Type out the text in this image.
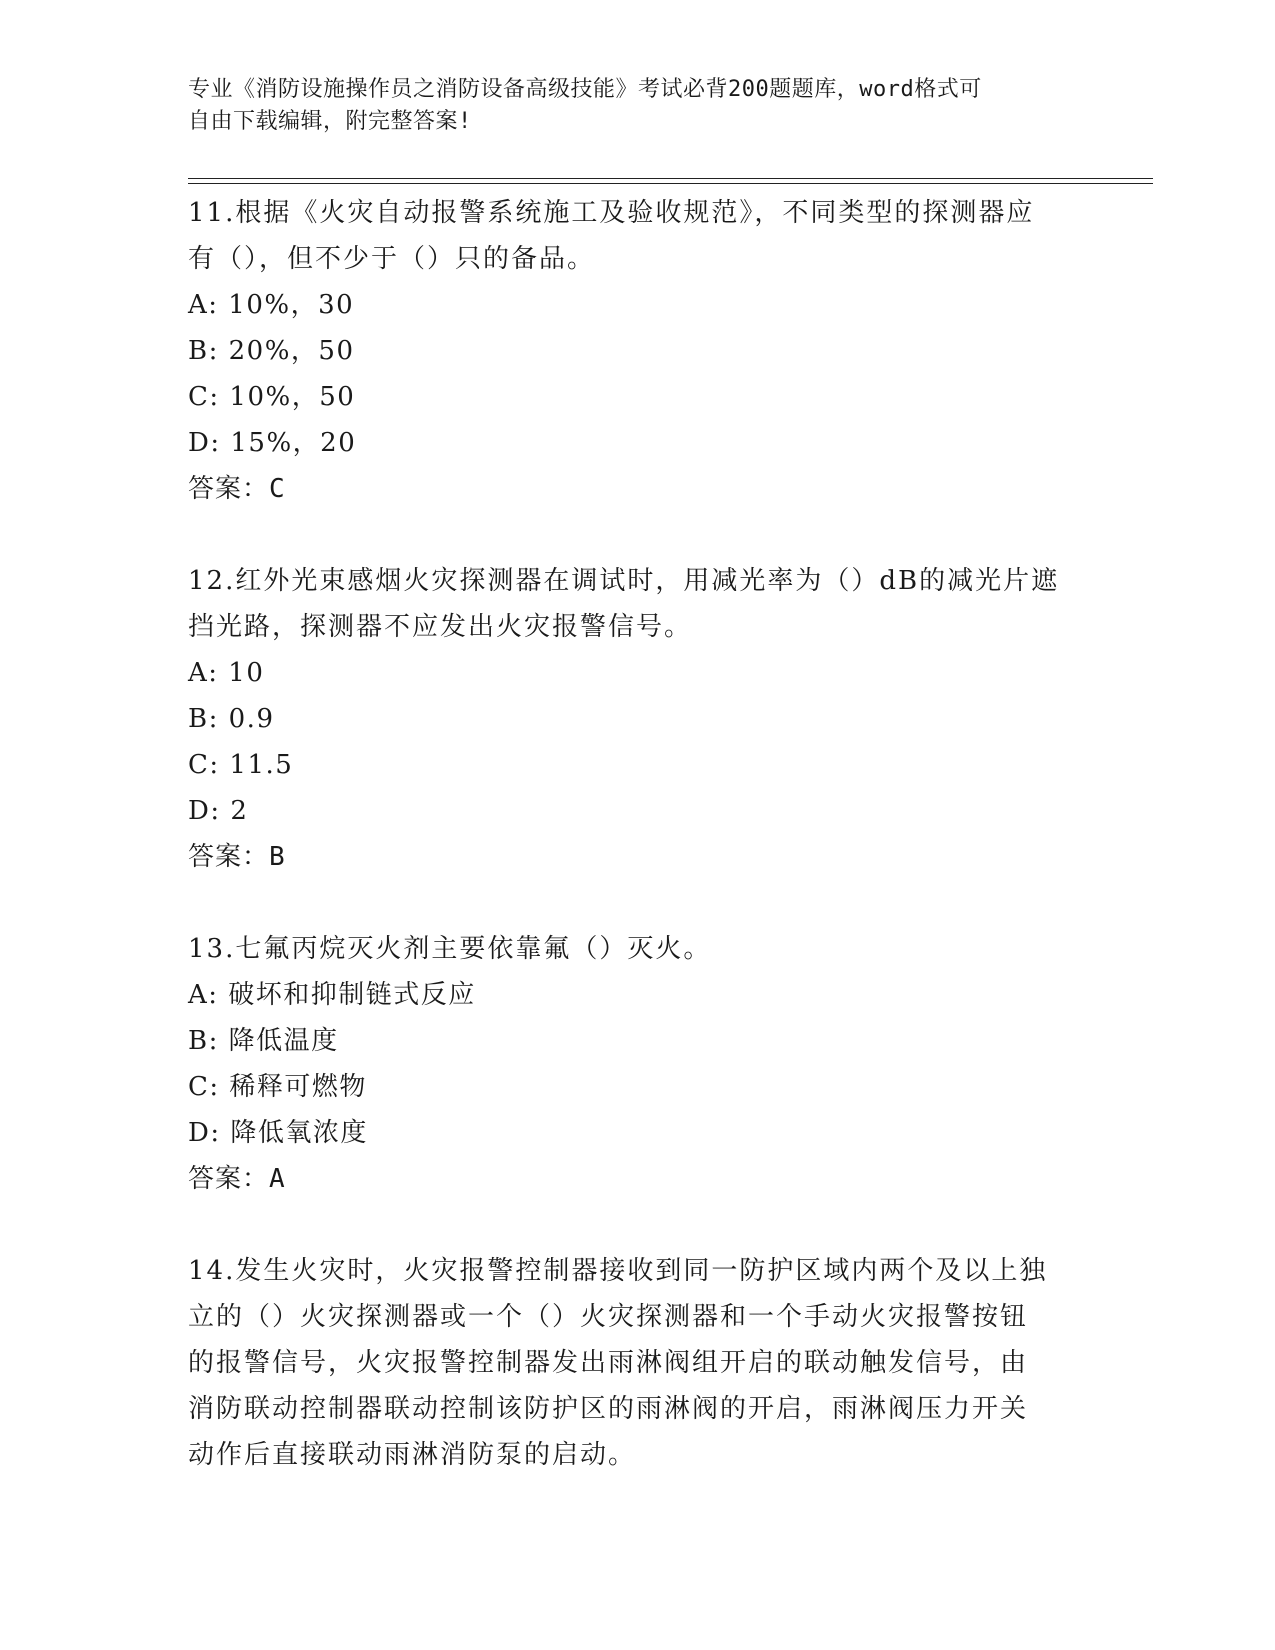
专业《消防设施操作员之消防设备高级技能》考试必背200题题库，word格式可
自由下载编辑，附完整答案!
11.根据《火灾自动报警系统施工及验收规范》，不同类型的探测器应
有（），但不少于（）只的备品。
A: 10%，30
B: 20%，50
C: 10%，50
D: 15%，20
答案：C
12.红外光束感烟火灾探测器在调试时，用减光率为（）dB的减光片遮
挡光路，探测器不应发出火灾报警信号。
A: 10
B: 0.9
C: 11.5
D: 2
答案：B
13.七氟丙烷灭火剂主要依靠氟（）灭火。
A: 破坏和抑制链式反应
B: 降低温度
C: 稀释可燃物
D: 降低氧浓度
答案：A
14.发生火灾时，火灾报警控制器接收到同一防护区域内两个及以上独
立的（）火灾探测器或一个（）火灾探测器和一个手动火灾报警按钮
的报警信号，火灾报警控制器发出雨淋阀组开启的联动触发信号，由
消防联动控制器联动控制该防护区的雨淋阀的开启，雨淋阀压力开关
动作后直接联动雨淋消防泵的启动。
